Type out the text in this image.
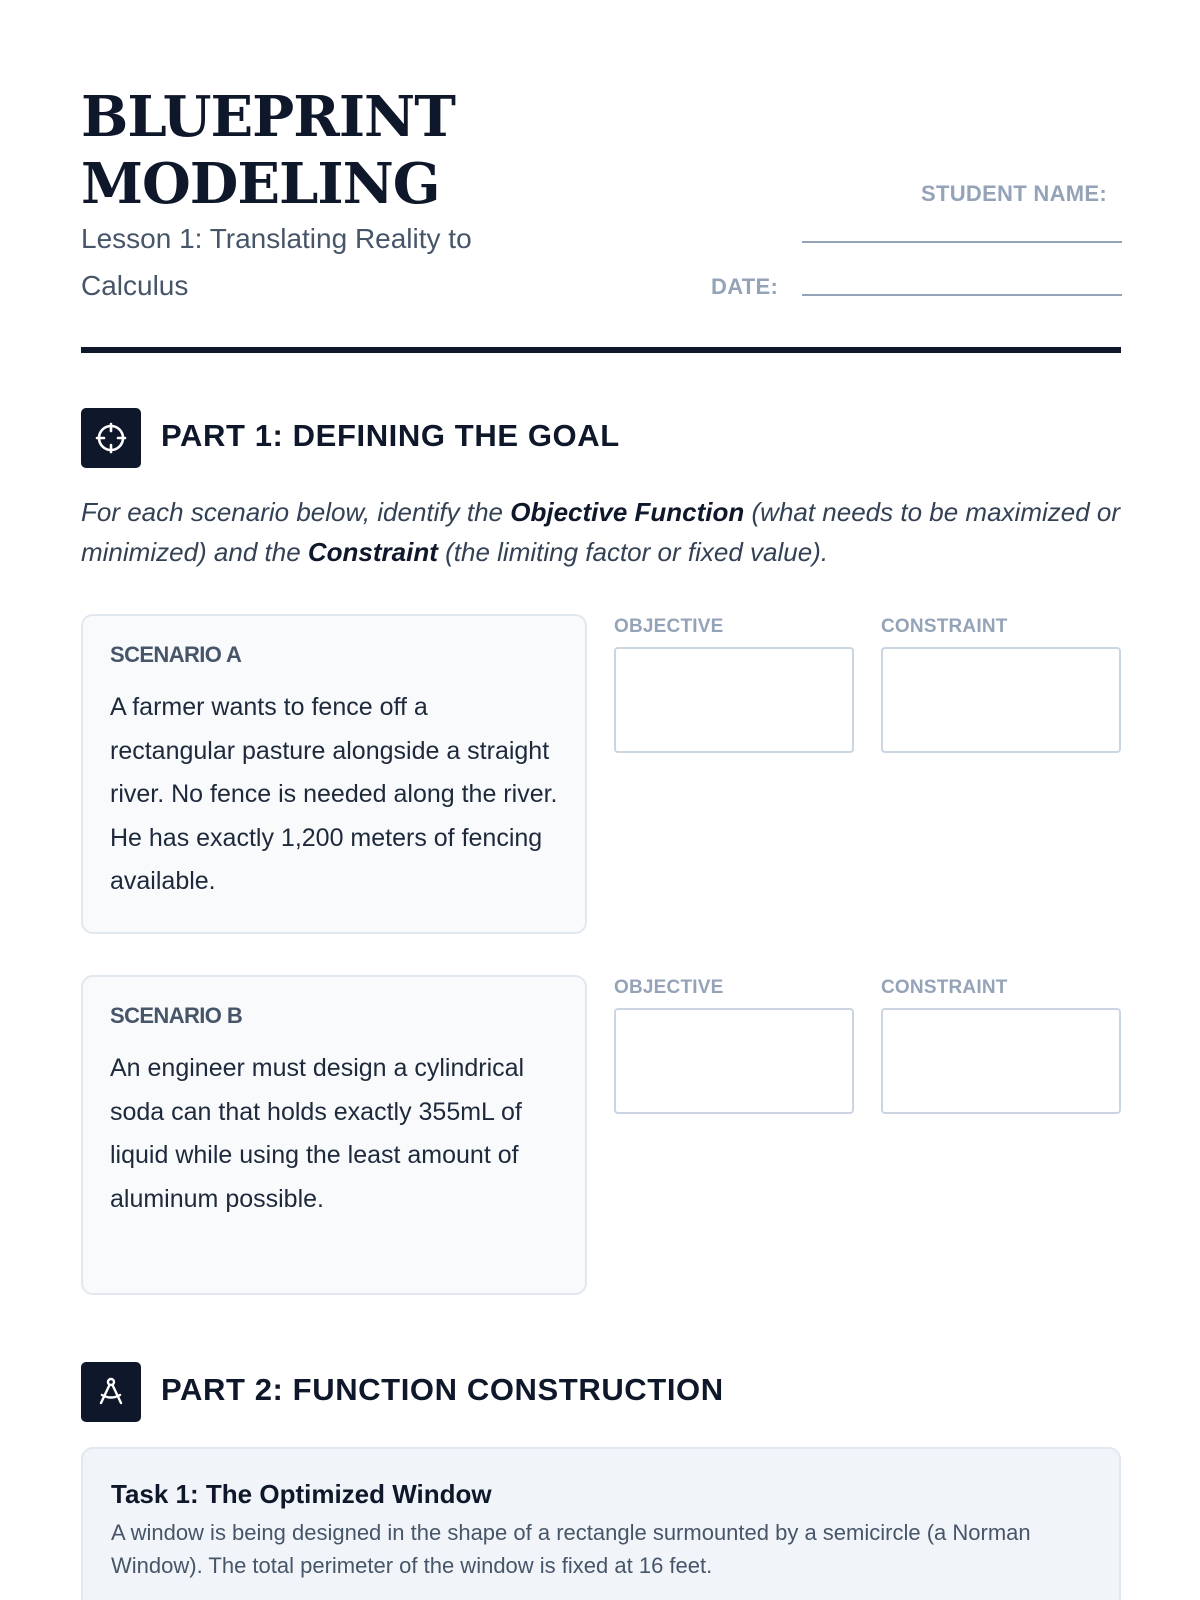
BLUEPRINT
MODELING
Lesson 1: Translating Reality to Calculus
STUDENT NAME:
DATE:
PART 1: DEFINING THE GOAL
For each scenario below, identify the Objective Function (what needs to be maximized or minimized) and the Constraint (the limiting factor or fixed value).
SCENARIO A
A farmer wants to fence off a rectangular pasture alongside a straight river. No fence is needed along the river. He has exactly 1,200 meters of fencing available.
OBJECTIVE	CONSTRAINT
SCENARIO B
An engineer must design a cylindrical soda can that holds exactly 355mL of liquid while using the least amount of aluminum possible.
OBJECTIVE	CONSTRAINT
PART 2: FUNCTION CONSTRUCTION
Task 1: The Optimized Window
A window is being designed in the shape of a rectangle surmounted by a semicircle (a Norman Window). The total perimeter of the window is fixed at 16 feet.
